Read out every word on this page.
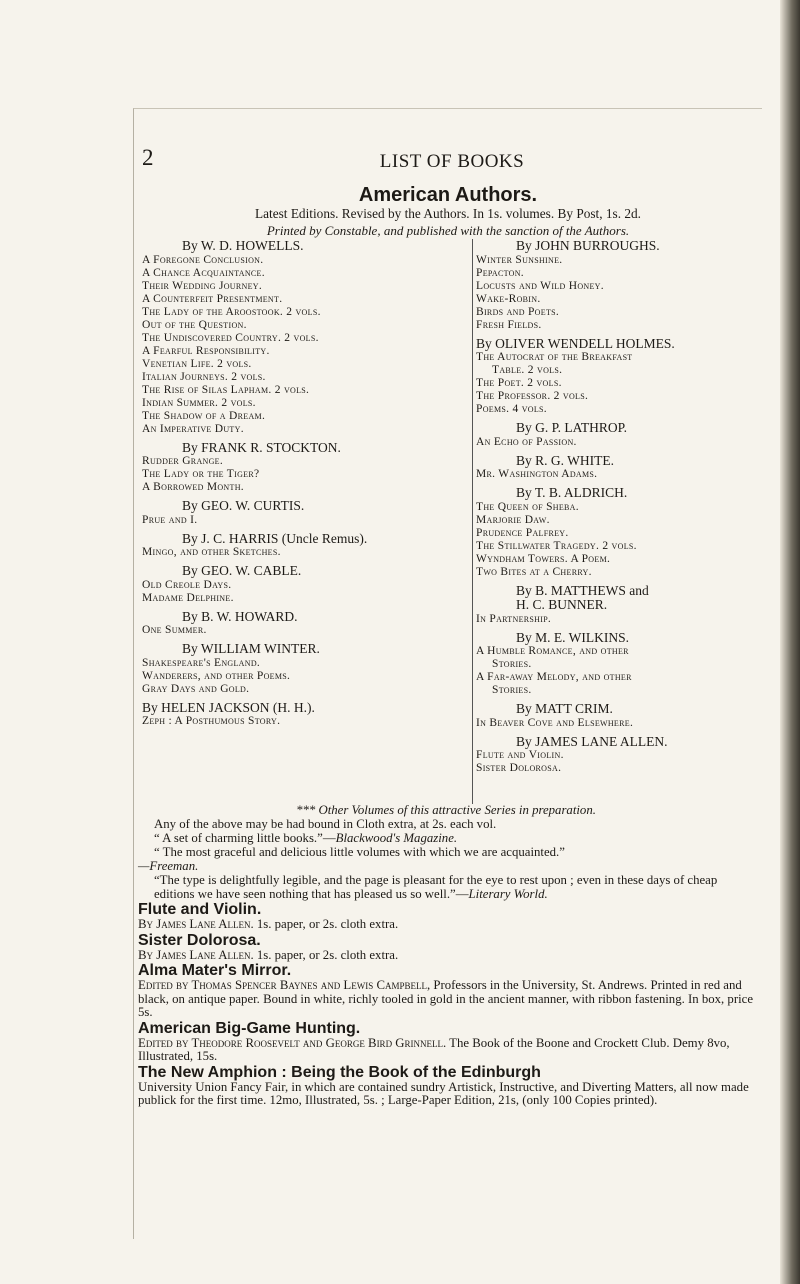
2	LIST OF BOOKS
American Authors.
Latest Editions. Revised by the Authors. In 1s. volumes. By Post, 1s. 2d.
Printed by Constable, and published with the sanction of the Authors.
By W. D. HOWELLS.
A Foregone Conclusion.
A Chance Acquaintance.
Their Wedding Journey.
A Counterfeit Presentment.
The Lady of the Aroostook. 2 vols.
Out of the Question.
The Undiscovered Country. 2 vols.
A Fearful Responsibility.
Venetian Life. 2 vols.
Italian Journeys. 2 vols.
The Rise of Silas Lapham. 2 vols.
Indian Summer. 2 vols.
The Shadow of a Dream.
An Imperative Duty.
By FRANK R. STOCKTON.
Rudder Grange.
The Lady or the Tiger?
A Borrowed Month.
By GEO. W. CURTIS.
Prue and I.
By J. C. HARRIS (Uncle Remus).
Mingo, and other Sketches.
By GEO. W. CABLE.
Old Creole Days.
Madame Delphine.
By B. W. HOWARD.
One Summer.
By WILLIAM WINTER.
Shakespeare's England.
Wanderers, and other Poems.
Gray Days and Gold.
By HELEN JACKSON (H. H.).
Zeph : A Posthumous Story.
By JOHN BURROUGHS.
Winter Sunshine.
Pepacton.
Locusts and Wild Honey.
Wake-Robin.
Birds and Poets.
Fresh Fields.
By OLIVER WENDELL HOLMES.
The Autocrat of the Breakfast
Table. 2 vols.
The Poet. 2 vols.
The Professor. 2 vols.
Poems. 4 vols.
By G. P. LATHROP.
An Echo of Passion.
By R. G. WHITE.
Mr. Washington Adams.
By T. B. ALDRICH.
The Queen of Sheba.
Marjorie Daw.
Prudence Palfrey.
The Stillwater Tragedy. 2 vols.
Wyndham Towers. A Poem.
Two Bites at a Cherry.
By B. MATTHEWS and
H. C. BUNNER.
In Partnership.
By M. E. WILKINS.
A Humble Romance, and other
Stories.
A Far-away Melody, and other
Stories.
By MATT CRIM.
In Beaver Cove and Elsewhere.
By JAMES LANE ALLEN.
Flute and Violin.
Sister Dolorosa.

*** Other Volumes of this attractive Series in preparation.

Any of the above may be had bound in Cloth extra, at 2s. each vol.

“ A set of charming little books.”—Blackwood's Magazine.

“ The most graceful and delicious little volumes with which we are acquainted.”

—Freeman.

“The type is delightfully legible, and the page is pleasant for the eye to rest upon ; even in these days of cheap editions we have seen nothing that has pleased us so well.”—Literary World.

Flute and Violin.

By James Lane Allen. 1s. paper, or 2s. cloth extra.

Sister Dolorosa.

By James Lane Allen. 1s. paper, or 2s. cloth extra.

Alma Mater's Mirror.

Edited by Thomas Spencer Baynes and Lewis Campbell, Professors in the University, St. Andrews. Printed in red and black, on antique paper. Bound in white, richly tooled in gold in the ancient manner, with ribbon fastening. In box, price 5s.

American Big-Game Hunting.

Edited by Theodore Roosevelt and George Bird Grinnell. The Book of the Boone and Crockett Club. Demy 8vo, Illustrated, 15s.

The New Amphion : Being the Book of the Edinburgh

University Union Fancy Fair, in which are contained sundry Artistick, Instructive, and Diverting Matters, all now made publick for the first time. 12mo, Illustrated, 5s. ; Large-Paper Edition, 21s, (only 100 Copies printed).
